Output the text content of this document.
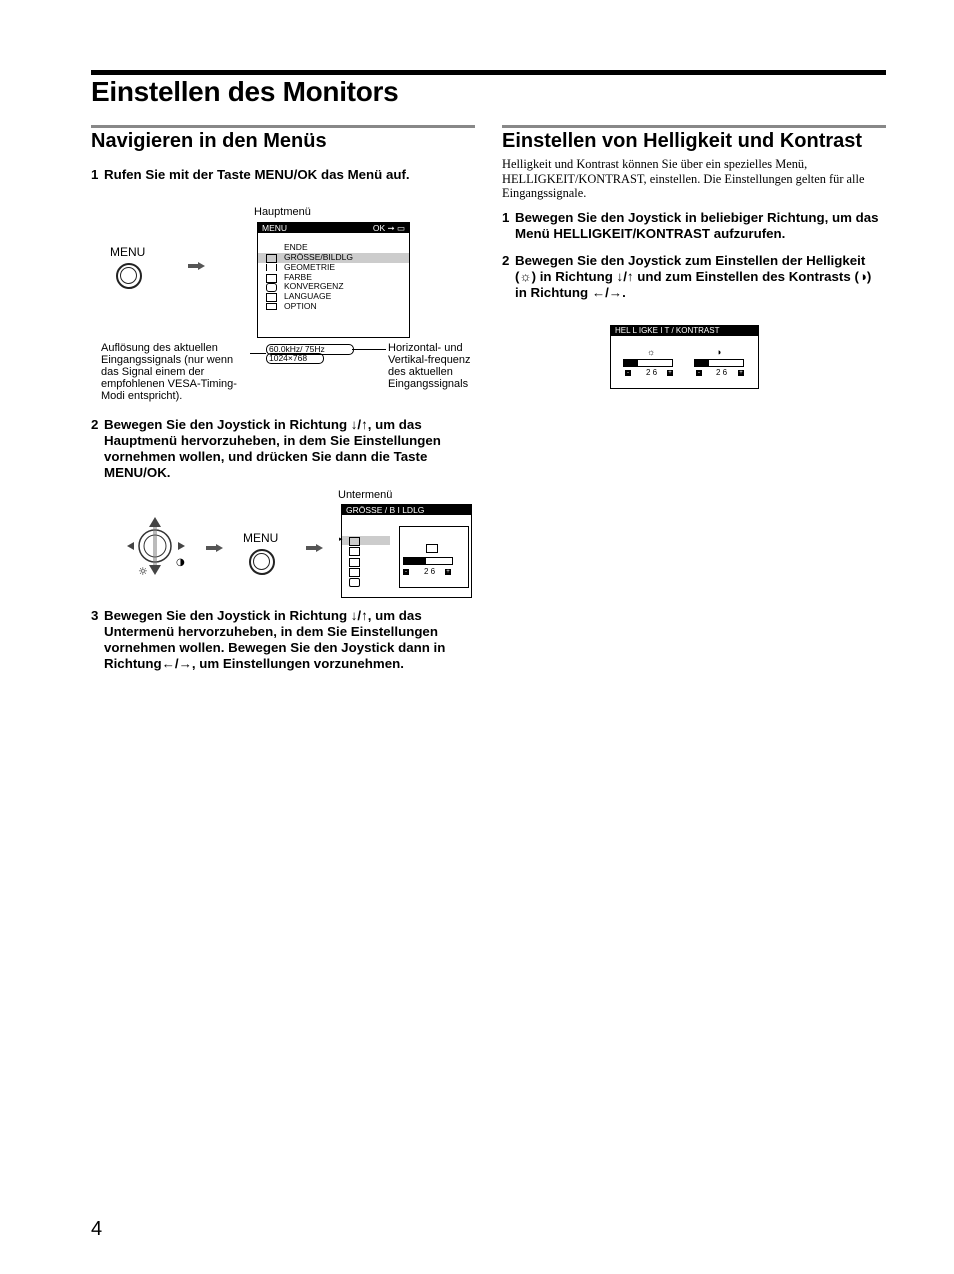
Einstellen des Monitors
Navigieren in den Menüs
1 Rufen Sie mit der Taste MENU/OK das Menü auf.
Hauptmenü
MENU
MENU	OK ➞ ▭
ENDE
GRÖSSE/BILDLG
GEOMETRIE
FARBE
KONVERGENZ
LANGUAGE
OPTION
60.0kHz/ 75Hz
1024×768
Auflösung des aktuellen Eingangssignals (nur wenn das Signal einem der empfohlenen VESA-Timing-Modi entspricht).
Horizontal- und Vertikal-frequenz des aktuellen Eingangssignals
2 Bewegen Sie den Joystick in Richtung ↓/↑, um das Hauptmenü hervorzuheben, in dem Sie Einstellungen vornehmen wollen, und drücken Sie dann die Taste MENU/OK.
Untermenü
☼
◑
MENU
GRÖSSE / B I LDLG
▸
- 2 6 +
3 Bewegen Sie den Joystick in Richtung ↓/↑, um das Untermenü hervorzuheben, in dem Sie Einstellungen vornehmen wollen. Bewegen Sie den Joystick dann in Richtung←/→, um Einstellungen vorzunehmen.
Einstellen von Helligkeit und Kontrast
Helligkeit und Kontrast können Sie über ein spezielles Menü, HELLIGKEIT/KONTRAST, einstellen. Die Einstellungen gelten für alle Eingangssignale.
1 Bewegen Sie den Joystick in beliebiger Richtung, um das Menü HELLIGKEIT/KONTRAST aufzurufen.
2 Bewegen Sie den Joystick zum Einstellen der Helligkeit (☼) in Richtung ↓/↑ und zum Einstellen des Kontrasts (◑) in Richtung ←/→.
HEL L IGKE I T / KONTRAST
☼
- 2 6 +
◑
- 2 6 +
4
